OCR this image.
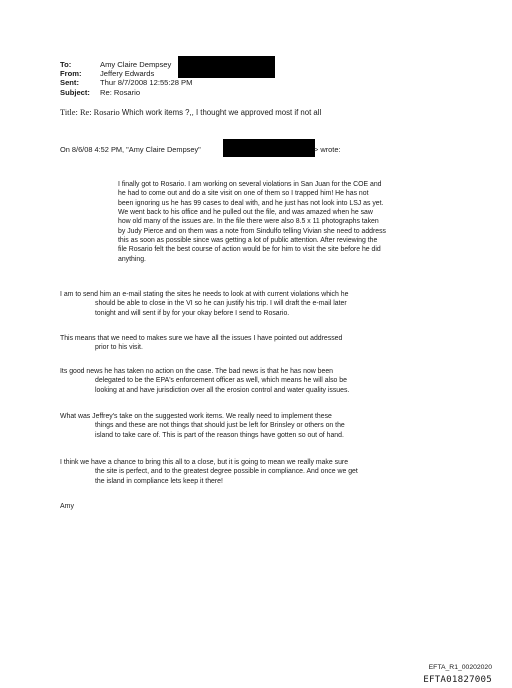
To:	Amy Claire Dempsey
From:	Jeffery Edwards
Sent:	Thur 8/7/2008 12:55:28 PM
Subject:	Re: Rosario
Title: Re: Rosario Which work items ?,, I thought we approved most if not all
On 8/6/08 4:52 PM, "Amy Claire Dempsey"	> wrote:
I finally got to Rosario. I am working on several violations in San Juan for the COE and
he had to come out and do a site visit on one of them so I trapped him! He has not
been ignoring us he has 99 cases to deal with, and he just has not look into LSJ as yet.
We went back to his office and he pulled out the file, and was amazed when he saw
how old many of the issues are. In the file there were also 8.5 x 11 photographs taken
by Judy Pierce and on them was a note from Sindulfo telling Vivian she need to address
this as soon as possible since was getting a lot of public attention. After reviewing the
file Rosario felt the best course of action would be for him to visit the site before he did
anything.
I am to send him an e-mail stating the sites he needs to look at with current violations which he
should be able to close in the VI so he can justify his trip. I will draft the e-mail later
tonight and will sent if by for your okay before I send to Rosario.
This means that we need to makes sure we have all the issues I have pointed out addressed
prior to his visit.
Its good news he has taken no action on the case. The bad news is that he has now been
delegated to be the EPA's enforcement officer as well, which means he will also be
looking at and have jurisdiction over all the erosion control and water quality issues.
What was Jeffrey's take on the suggested work items. We really need to implement these
things and these are not things that should just be left for Brinsley or others on the
island to take care of. This is part of the reason things have gotten so out of hand.
I think we have a chance to bring this all to a close, but it is going to mean we really make sure
the site is perfect, and to the greatest degree possible in compliance. And once we get
the island in compliance lets keep it there!
Amy
EFTA_R1_00202020
EFTA01827005
